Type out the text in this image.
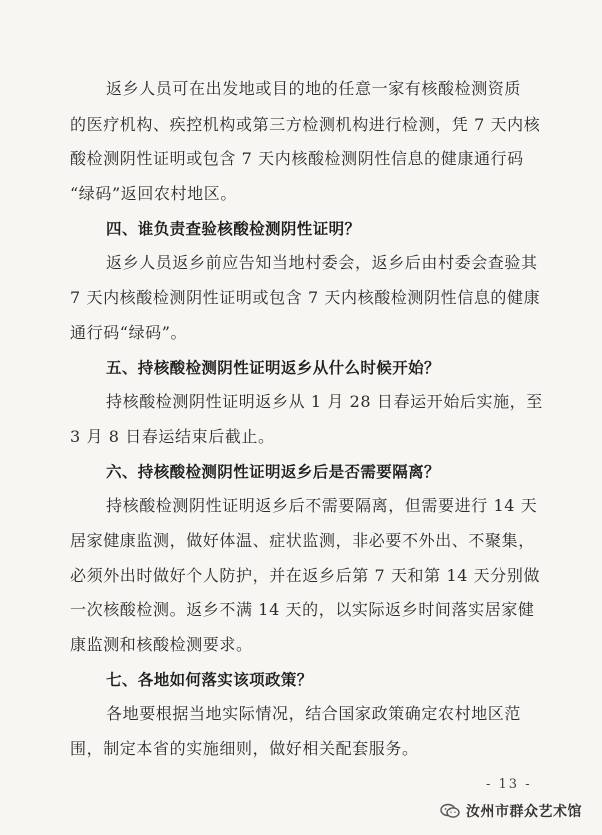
返乡人员可在出发地或目的地的任意一家有核酸检测资质
的医疗机构、疾控机构或第三方检测机构进行检测，凭 7 天内核
酸检测阴性证明或包含 7 天内核酸检测阴性信息的健康通行码
“绿码”返回农村地区。
四、谁负责查验核酸检测阴性证明？
返乡人员返乡前应告知当地村委会，返乡后由村委会查验其
7 天内核酸检测阴性证明或包含 7 天内核酸检测阴性信息的健康
通行码“绿码”。
五、持核酸检测阴性证明返乡从什么时候开始？
持核酸检测阴性证明返乡从 1 月 28 日春运开始后实施，至
3 月 8 日春运结束后截止。
六、持核酸检测阴性证明返乡后是否需要隔离？
持核酸检测阴性证明返乡后不需要隔离，但需要进行 14 天
居家健康监测，做好体温、症状监测，非必要不外出、不聚集，
必须外出时做好个人防护，并在返乡后第 7 天和第 14 天分别做
一次核酸检测。返乡不满 14 天的，以实际返乡时间落实居家健
康监测和核酸检测要求。
七、各地如何落实该项政策？
各地要根据当地实际情况，结合国家政策确定农村地区范
围，制定本省的实施细则，做好相关配套服务。
- 13 -
汝州市群众艺术馆
